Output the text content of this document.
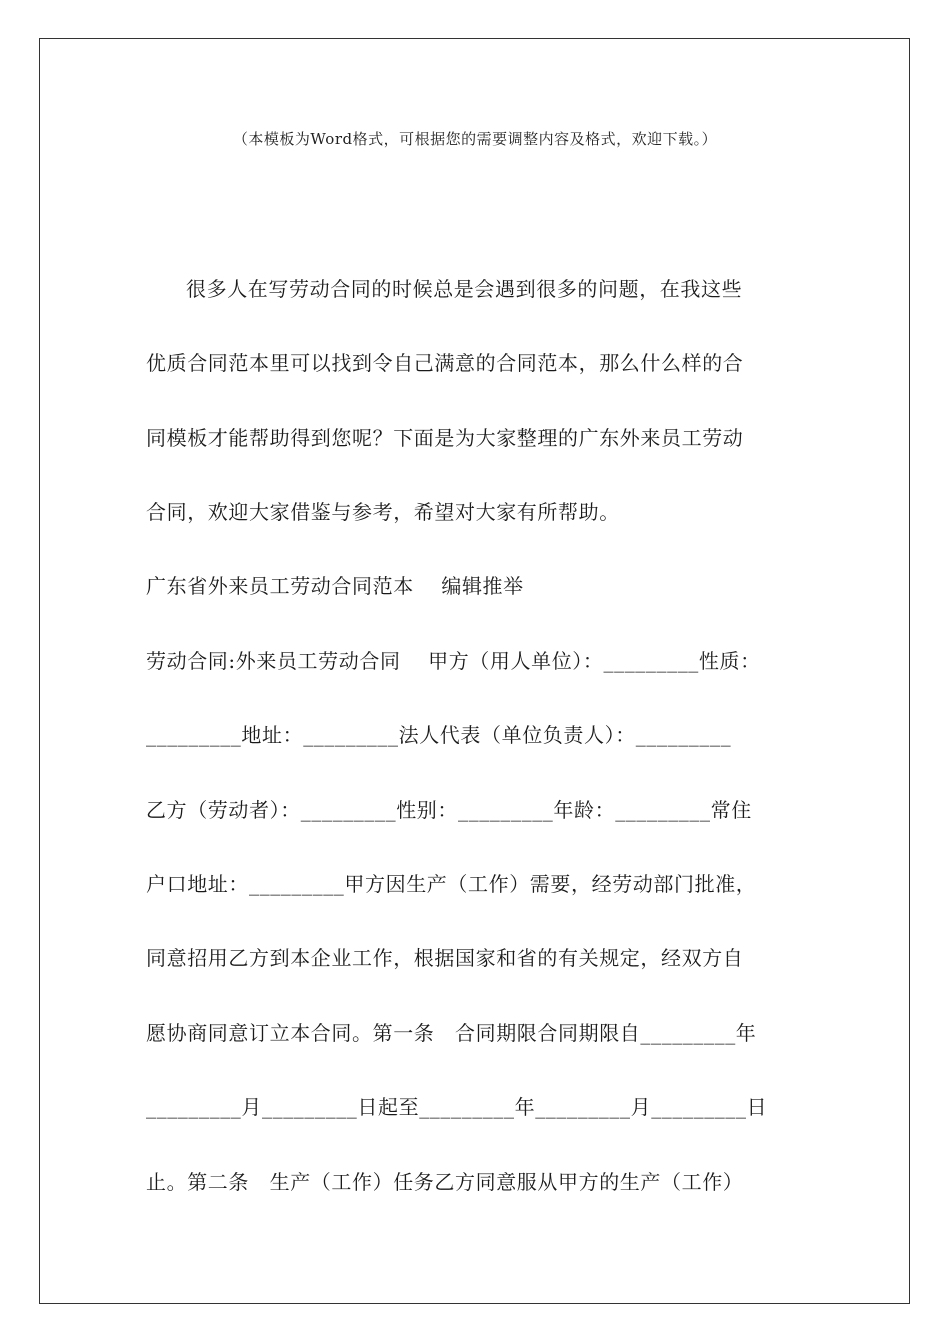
（本模板为Word格式，可根据您的需要调整内容及格式，欢迎下载。）
很多人在写劳动合同的时候总是会遇到很多的问题，在我这些
优质合同范本里可以找到令自己满意的合同范本，那么什么样的合
同模板才能帮助得到您呢？下面是为大家整理的广东外来员工劳动
合同，欢迎大家借鉴与参考，希望对大家有所帮助。
广东省外来员工劳动合同范本　 编辑推举
劳动合同:外来员工劳动合同　 甲方（用人单位）：_________性质：
_________地址：_________法人代表（单位负责人）：_________
乙方（劳动者）：_________性别：_________年龄：_________常住
户口地址：_________甲方因生产（工作）需要，经劳动部门批准，
同意招用乙方到本企业工作，根据国家和省的有关规定，经双方自
愿协商同意订立本合同。第一条　合同期限合同期限自_________年
_________月_________日起至_________年_________月_________日
止。第二条　生产（工作）任务乙方同意服从甲方的生产（工作）
